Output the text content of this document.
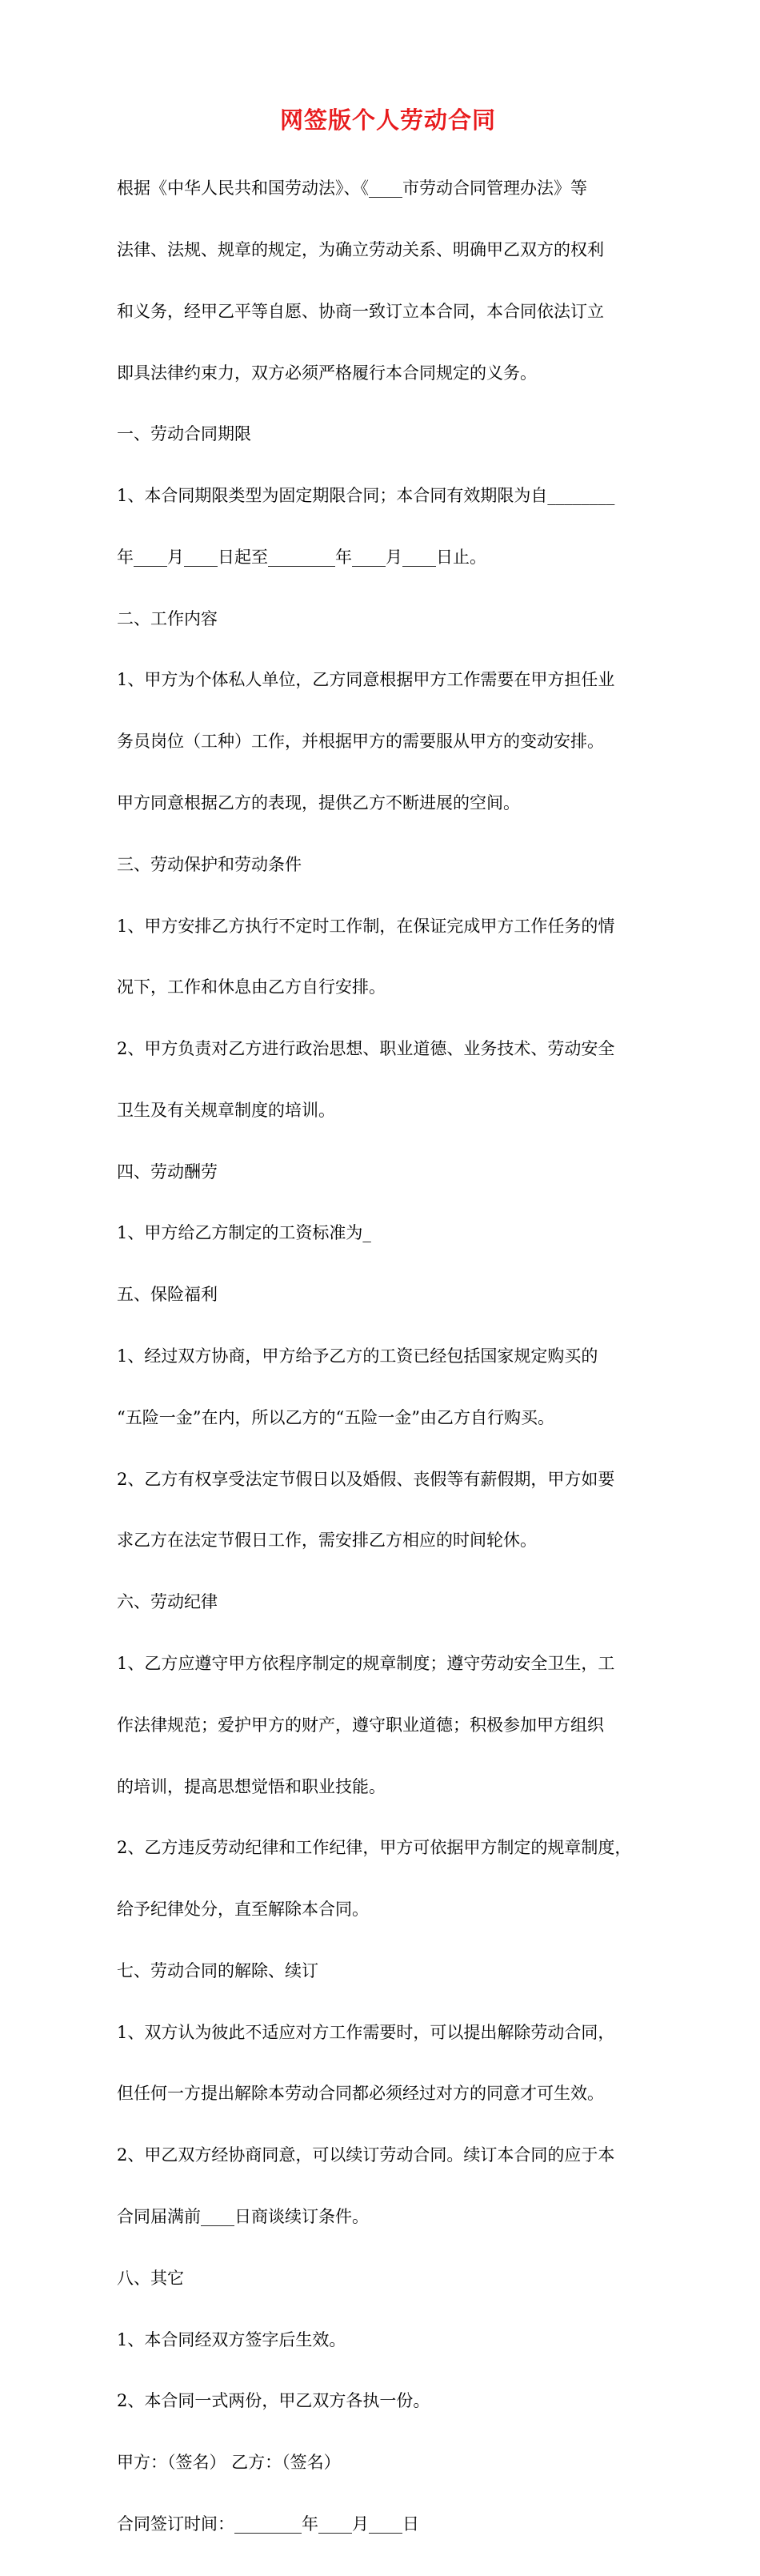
网签版个人劳动合同

根据《中华人民共和国劳动法》、《____市劳动合同管理办法》等

法律、法规、规章的规定，为确立劳动关系、明确甲乙双方的权利

和义务，经甲乙平等自愿、协商一致订立本合同，本合同依法订立

即具法律约束力，双方必须严格履行本合同规定的义务。

一、劳动合同期限

1、本合同期限类型为固定期限合同；本合同有效期限为自________

年____月____日起至________年____月____日止。

二、工作内容

1、甲方为个体私人单位，乙方同意根据甲方工作需要在甲方担任业

务员岗位（工种）工作，并根据甲方的需要服从甲方的变动安排。

甲方同意根据乙方的表现，提供乙方不断进展的空间。

三、劳动保护和劳动条件

1、甲方安排乙方执行不定时工作制，在保证完成甲方工作任务的情

况下，工作和休息由乙方自行安排。

2、甲方负责对乙方进行政治思想、职业道德、业务技术、劳动安全

卫生及有关规章制度的培训。

四、劳动酬劳

1、甲方给乙方制定的工资标准为_

五、保险福利

1、经过双方协商，甲方给予乙方的工资已经包括国家规定购买的

“五险一金”在内，所以乙方的“五险一金”由乙方自行购买。

2、乙方有权享受法定节假日以及婚假、丧假等有薪假期，甲方如要

求乙方在法定节假日工作，需安排乙方相应的时间轮休。

六、劳动纪律

1、乙方应遵守甲方依程序制定的规章制度；遵守劳动安全卫生，工

作法律规范；爱护甲方的财产，遵守职业道德；积极参加甲方组织

的培训，提高思想觉悟和职业技能。

2、乙方违反劳动纪律和工作纪律，甲方可依据甲方制定的规章制度，

给予纪律处分，直至解除本合同。

七、劳动合同的解除、续订

1、双方认为彼此不适应对方工作需要时，可以提出解除劳动合同，

但任何一方提出解除本劳动合同都必须经过对方的同意才可生效。

2、甲乙双方经协商同意，可以续订劳动合同。续订本合同的应于本

合同届满前____日商谈续订条件。

八、其它

1、本合同经双方签字后生效。

2、本合同一式两份，甲乙双方各执一份。

甲方：（签名） 乙方：（签名）

合同签订时间：________年____月____日
